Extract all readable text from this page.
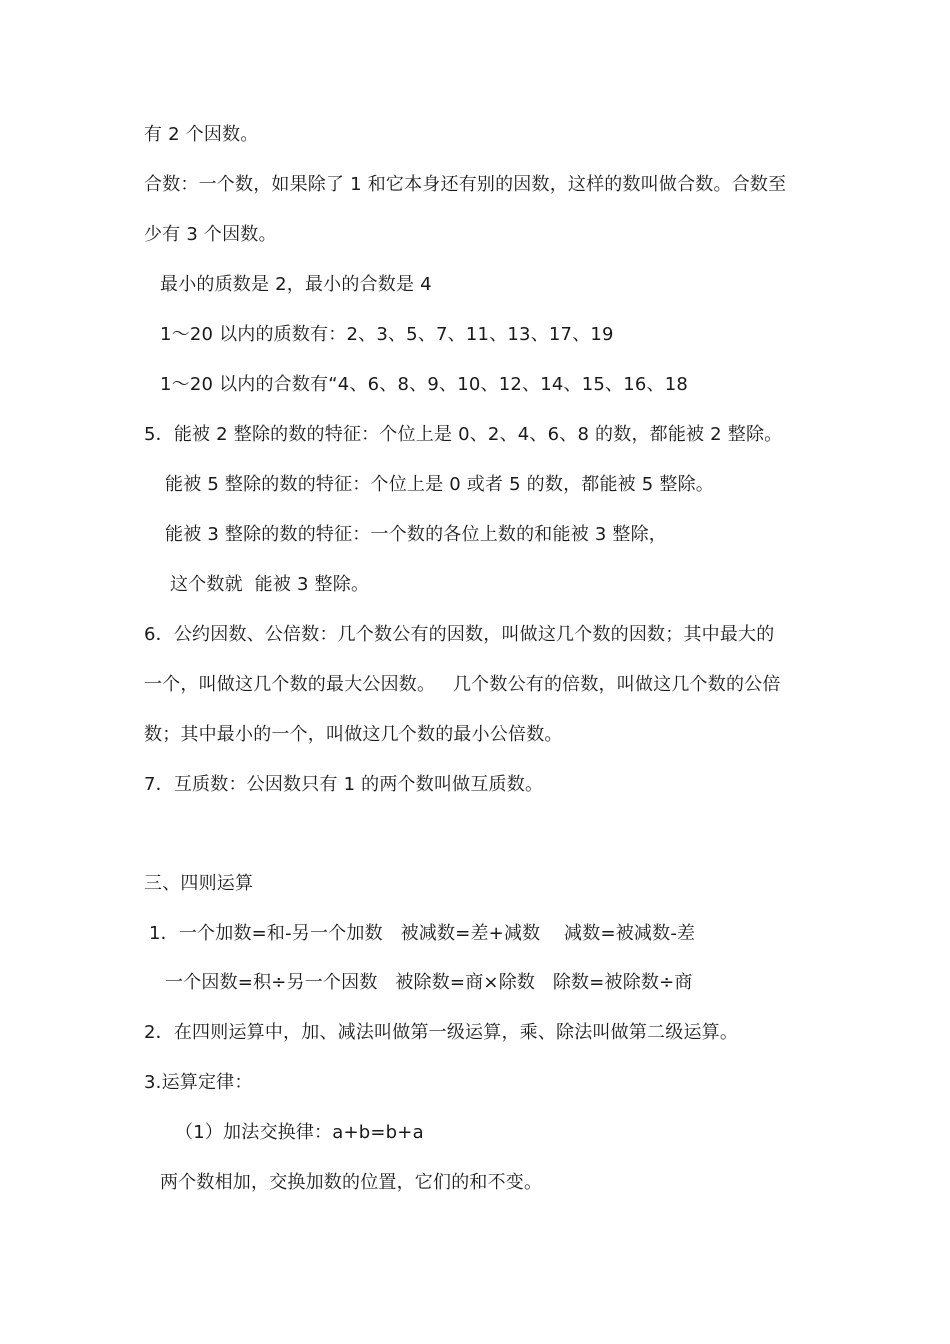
有 2 个因数。
合数：一个数，如果除了 1 和它本身还有别的因数，这样的数叫做合数。合数至
少有 3 个因数。
最小的质数是 2，最小的合数是 4
1～20 以内的质数有：2、3、5、7、11、13、17、19
1～20 以内的合数有“4、6、8、9、10、12、14、15、16、18
5．能被 2 整除的数的特征：个位上是 0、2、4、6、8 的数，都能被 2 整除。
能被 5 整除的数的特征：个位上是 0 或者 5 的数，都能被 5 整除。
能被 3 整除的数的特征：一个数的各位上数的和能被 3 整除，
这个数就  能被 3 整除。
6．公约因数、公倍数：几个数公有的因数，叫做这几个数的因数；其中最大的
一个，叫做这几个数的最大公因数。   几个数公有的倍数，叫做这几个数的公倍
数；其中最小的一个，叫做这几个数的最小公倍数。
7．互质数：公因数只有 1 的两个数叫做互质数。
三、四则运算
1．一个加数=和-另一个加数   被减数=差+减数    减数=被减数-差
一个因数=积÷另一个因数   被除数=商×除数   除数=被除数÷商
2．在四则运算中，加、减法叫做第一级运算，乘、除法叫做第二级运算。
3.运算定律：
（1）加法交换律：a+b=b+a
两个数相加，交换加数的位置，它们的和不变。
